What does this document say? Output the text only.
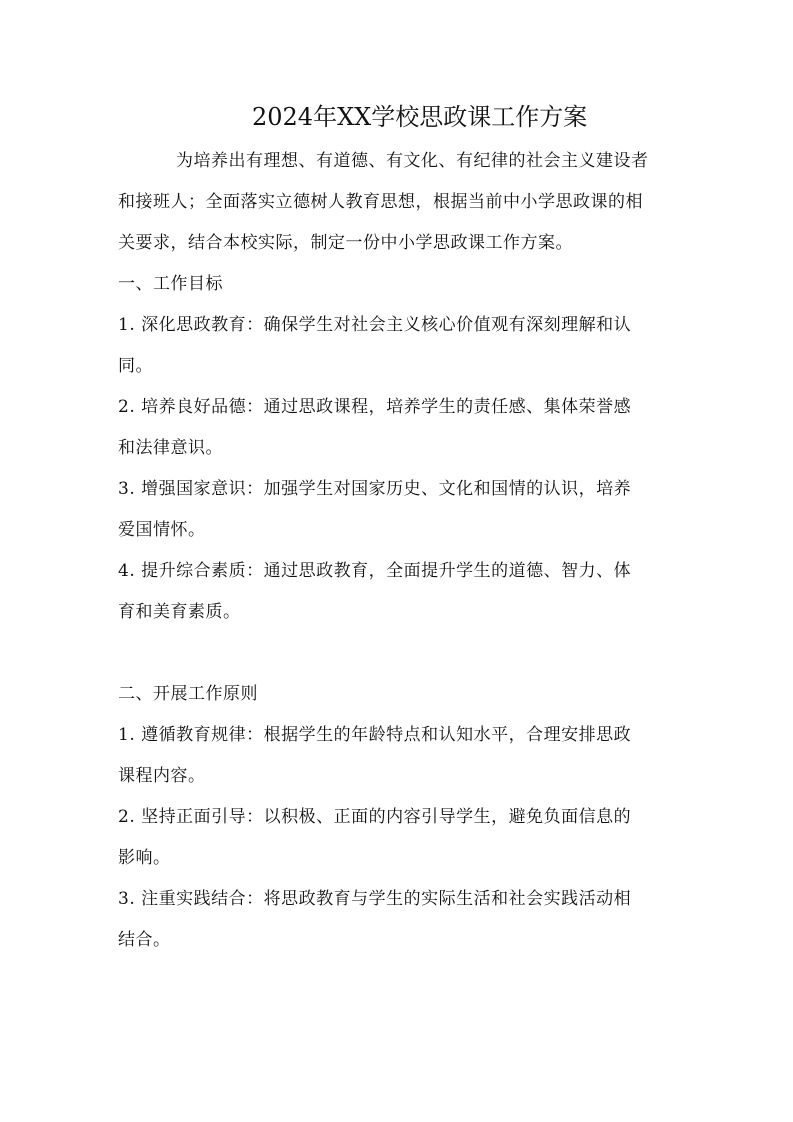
2024年XX学校思政课工作方案
为培养出有理想、有道德、有文化、有纪律的社会主义建设者
和接班人；全面落实立德树人教育思想，根据当前中小学思政课的相
关要求，结合本校实际，制定一份中小学思政课工作方案。
一、工作目标
1. 深化思政教育：确保学生对社会主义核心价值观有深刻理解和认
同。
2. 培养良好品德：通过思政课程，培养学生的责任感、集体荣誉感
和法律意识。
3. 增强国家意识：加强学生对国家历史、文化和国情的认识，培养
爱国情怀。
4. 提升综合素质：通过思政教育，全面提升学生的道德、智力、体
育和美育素质。
二、开展工作原则
1. 遵循教育规律：根据学生的年龄特点和认知水平，合理安排思政
课程内容。
2. 坚持正面引导：以积极、正面的内容引导学生，避免负面信息的
影响。
3. 注重实践结合：将思政教育与学生的实际生活和社会实践活动相
结合。
